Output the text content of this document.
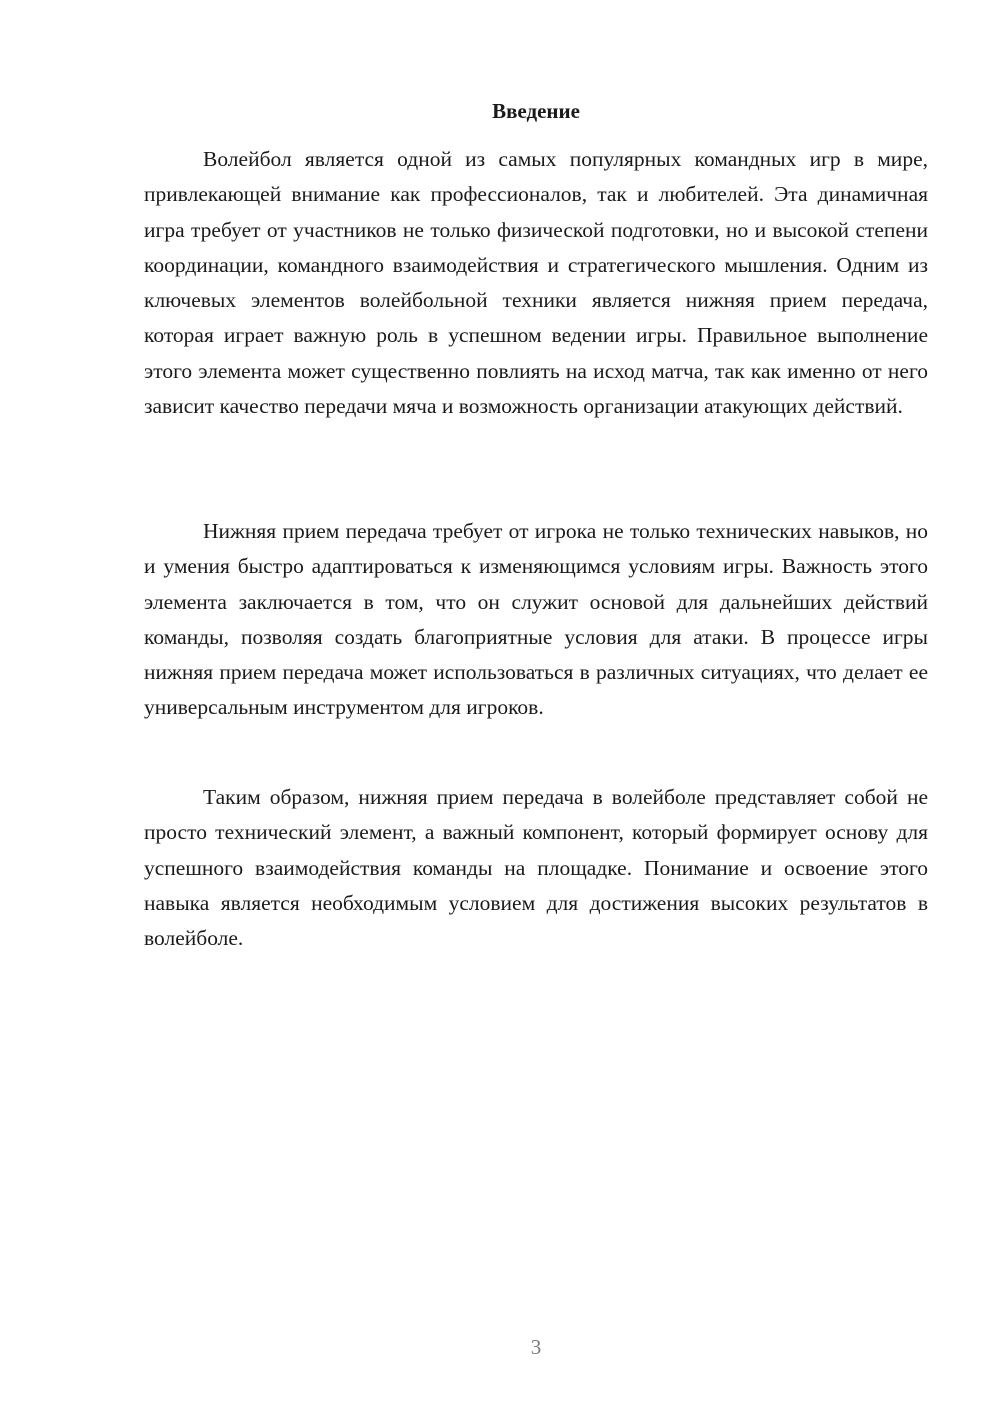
Введение

Волейбол является одной из самых популярных командных игр в мире, привлекающей внимание как профессионалов, так и любителей. Эта динамичная игра требует от участников не только физической подготовки, но и высокой степени координации, командного взаимодействия и стратегического мышления. Одним из ключевых элементов волейбольной техники является нижняя прием передача, которая играет важную роль в успешном ведении игры. Правильное выполнение этого элемента может существенно повлиять на исход матча, так как именно от него зависит качество передачи мяча и возможность организации атакующих действий.

Нижняя прием передача требует от игрока не только технических навыков, но и умения быстро адаптироваться к изменяющимся условиям игры. Важность этого элемента заключается в том, что он служит основой для дальнейших действий команды, позволяя создать благоприятные условия для атаки. В процессе игры нижняя прием передача может использоваться в различных ситуациях, что делает ее универсальным инструментом для игроков.

Таким образом, нижняя прием передача в волейболе представляет собой не просто технический элемент, а важный компонент, который формирует основу для успешного взаимодействия команды на площадке. Понимание и освоение этого навыка является необходимым условием для достижения высоких результатов в волейболе.

3
